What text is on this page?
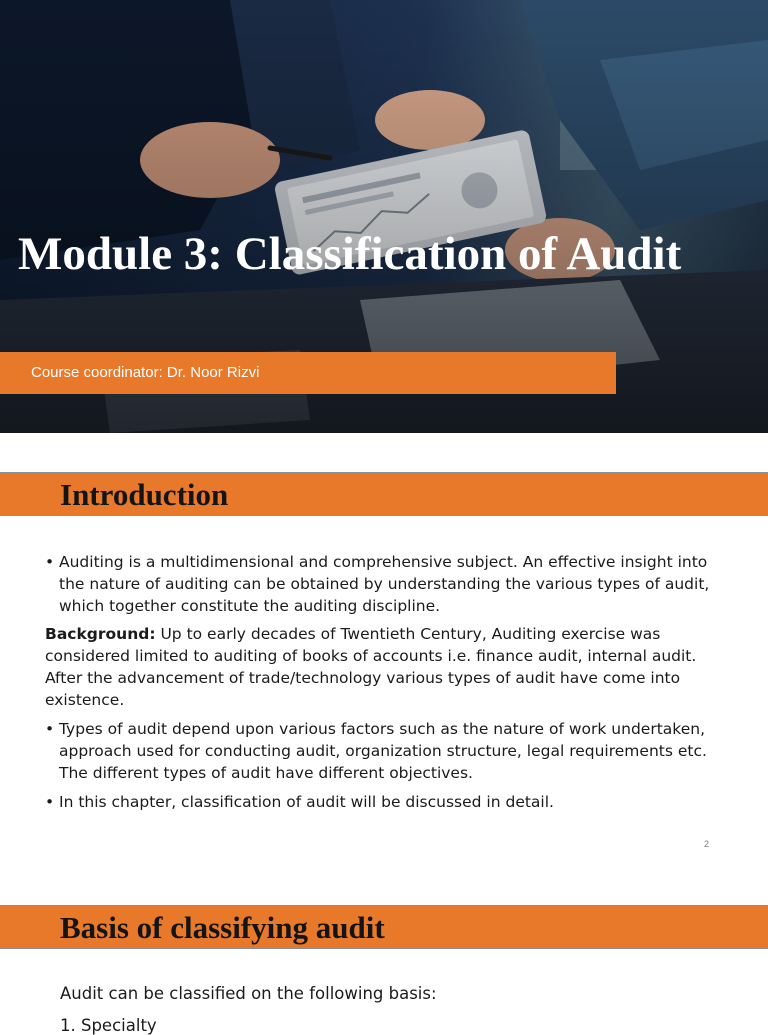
Module 3: Classification of Audit
Course coordinator: Dr. Noor Rizvi
Introduction

• Auditing is a multidimensional and comprehensive subject. An effective insight into the nature of auditing can be obtained by understanding the various types of audit, which together constitute the auditing discipline.

Background: Up to early decades of Twentieth Century, Auditing exercise was considered limited to auditing of books of accounts i.e. finance audit, internal audit. After the advancement of trade/technology various types of audit have come into existence.

• Types of audit depend upon various factors such as the nature of work undertaken, approach used for conducting audit, organization structure, legal requirements etc. The different types of audit have different objectives.

• In this chapter, classification of audit will be discussed in detail.

2
Basis of classifying audit

Audit can be classified on the following basis:

1. Specialty
